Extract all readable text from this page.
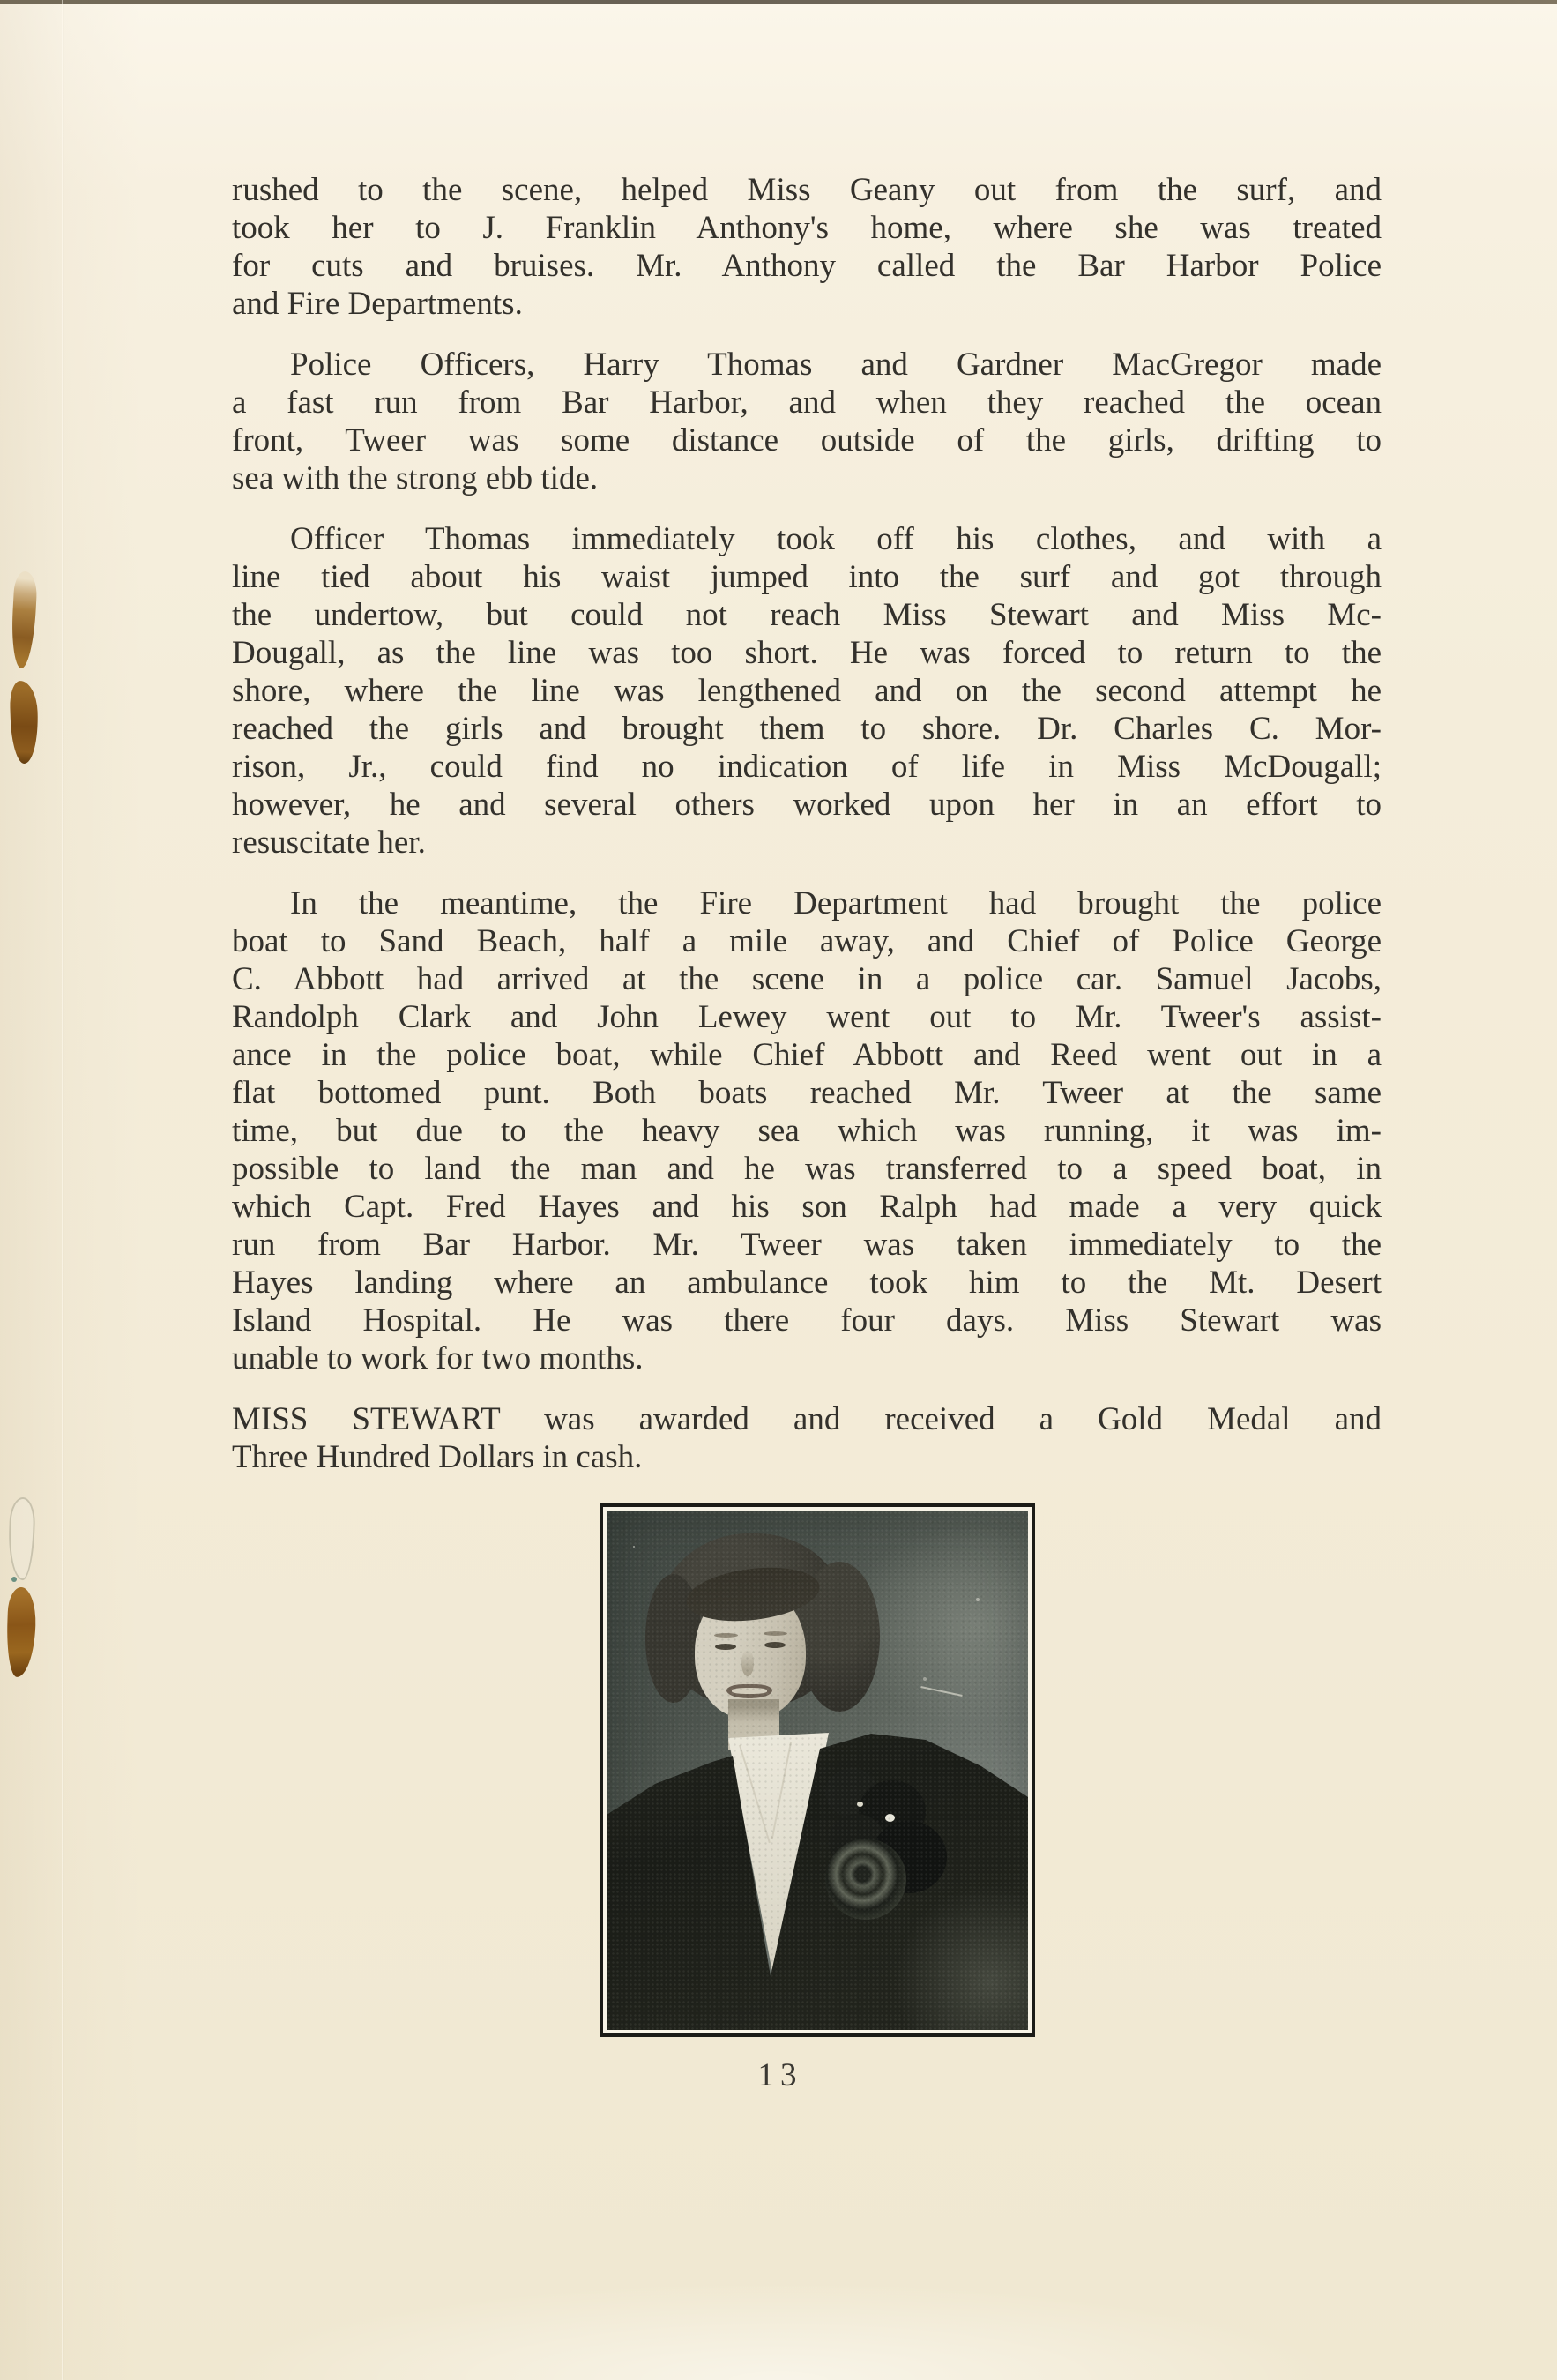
rushed to the scene, helped Miss Geany out from the surf, and
took her to J. Franklin Anthony's home, where she was treated
for cuts and bruises. Mr. Anthony called the Bar Harbor Police
and Fire Departments.
Police Officers, Harry Thomas and Gardner MacGregor made
a fast run from Bar Harbor, and when they reached the ocean
front, Tweer was some distance outside of the girls, drifting to
sea with the strong ebb tide.
Officer Thomas immediately took off his clothes, and with a
line tied about his waist jumped into the surf and got through
the undertow, but could not reach Miss Stewart and Miss Mc-
Dougall, as the line was too short. He was forced to return to the
shore, where the line was lengthened and on the second attempt he
reached the girls and brought them to shore. Dr. Charles C. Mor-
rison, Jr., could find no indication of life in Miss McDougall;
however, he and several others worked upon her in an effort to
resuscitate her.
In the meantime, the Fire Department had brought the police
boat to Sand Beach, half a mile away, and Chief of Police George
C. Abbott had arrived at the scene in a police car. Samuel Jacobs,
Randolph Clark and John Lewey went out to Mr. Tweer's assist-
ance in the police boat, while Chief Abbott and Reed went out in a
flat bottomed punt. Both boats reached Mr. Tweer at the same
time, but due to the heavy sea which was running, it was im-
possible to land the man and he was transferred to a speed boat, in
which Capt. Fred Hayes and his son Ralph had made a very quick
run from Bar Harbor. Mr. Tweer was taken immediately to the
Hayes landing where an ambulance took him to the Mt. Desert
Island Hospital. He was there four days. Miss Stewart was
unable to work for two months.
MISS STEWART was awarded and received a Gold Medal and
Three Hundred Dollars in cash.
13
